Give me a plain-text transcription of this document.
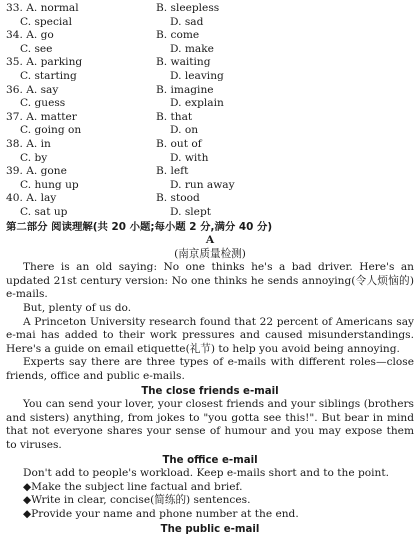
33. A. normal	B. sleepless
C. special	D. sad
34. A. go	B. come
C. see	D. make
35. A. parking	B. waiting
C. starting	D. leaving
36. A. say	B. imagine
C. guess	D. explain
37. A. matter	B. that
C. going on	D. on
38. A. in	B. out of
C. by	D. with
39. A. gone	B. left
C. hung up	D. run away
40. A. lay	B. stood
C. sat up	D. slept
第二部分 阅读理解(共 20 小题;每小题 2 分,满分 40 分)
A
(南京质量检测)

There is an old saying: No one thinks he's a bad driver. Here's an updated 21st century version: No one thinks he sends annoying(令人烦恼的) e-mails.

But, plenty of us do.

A Princeton University research found that 22 percent of Americans say e-mai has added to their work pressures and caused misunderstandings. Here's a guide on email etiquette(礼节) to help you avoid being annoying.

Experts say there are three types of e-mails with different roles—close friends, office and public e-mails.

The close friends e-mail

You can send your lover, your closest friends and your siblings (brothers and sisters) anything, from jokes to "you gotta see this!". But bear in mind that not everyone shares your sense of humour and you may expose them to viruses.

The office e-mail

Don't add to people's workload. Keep e-mails short and to the point.

◆Make the subject line factual and brief.

◆Write in clear, concise(简练的) sentences.

◆Provide your name and phone number at the end.

The public e-mail
